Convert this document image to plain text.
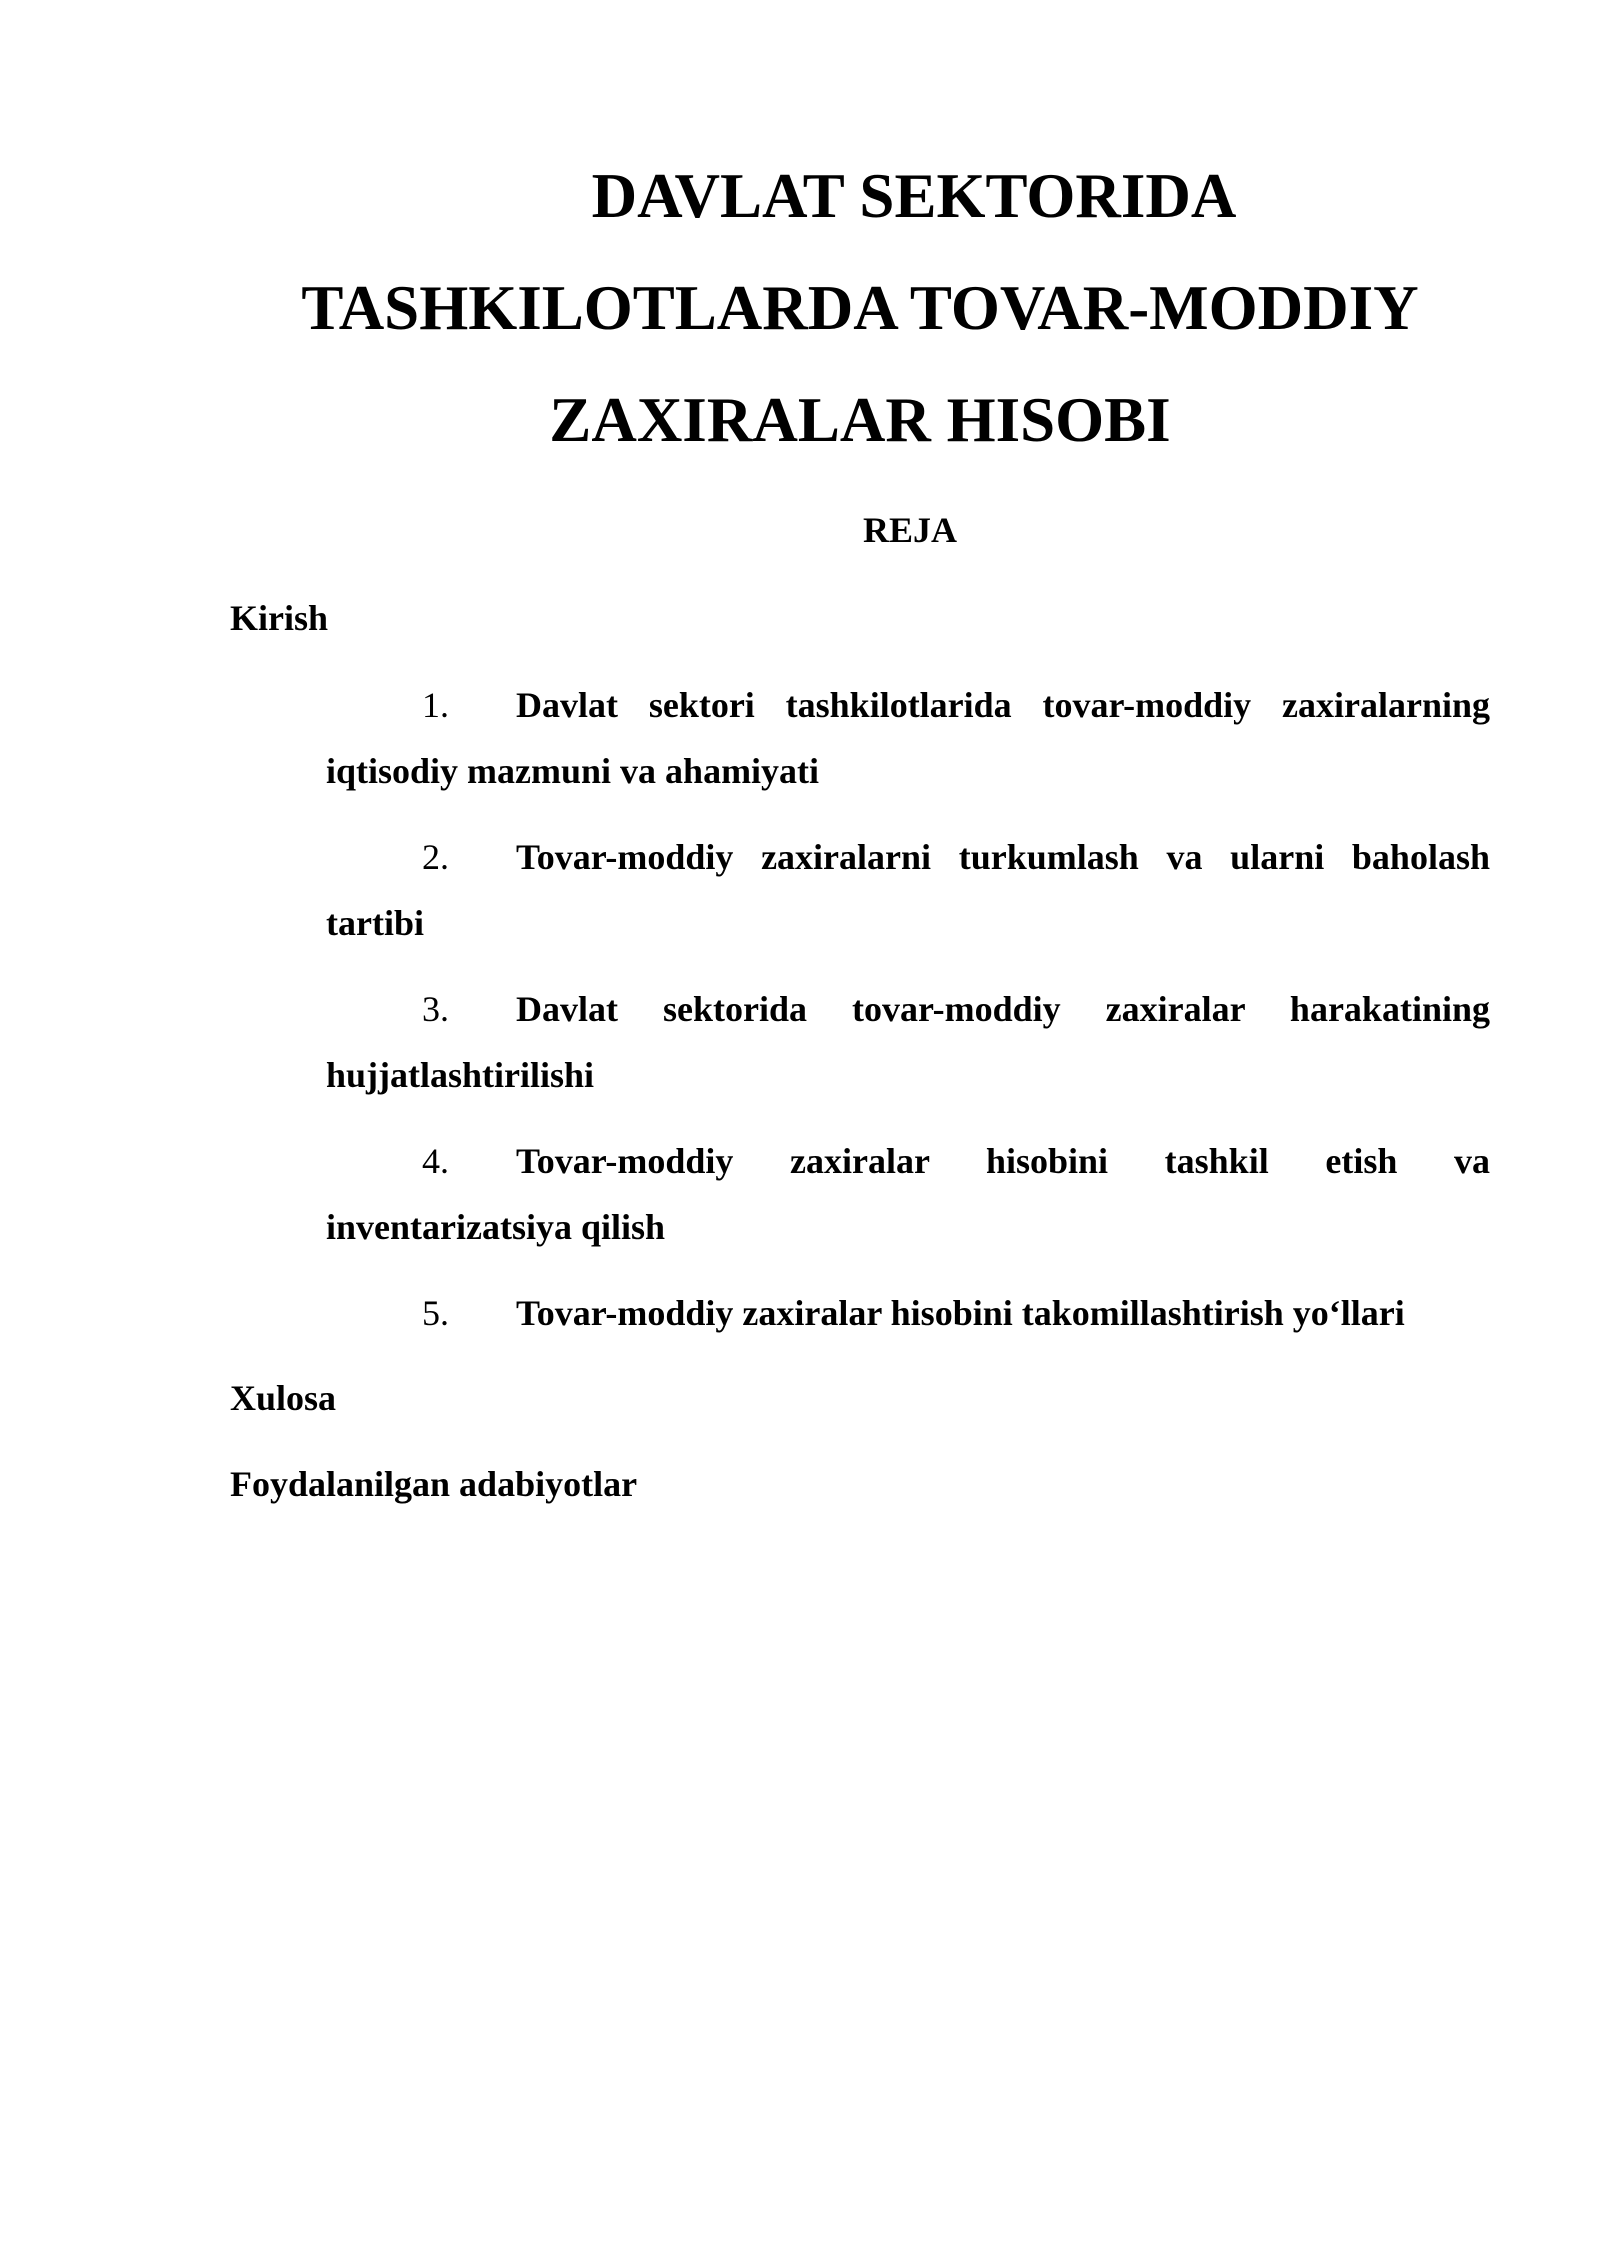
DAVLAT SEKTORIDA
TASHKILOTLARDA TOVAR-MODDIY
ZAXIRALAR HISOBI
REJA
Kirish
1. Davlat sektori tashkilotlarida tovar-moddiy zaxiralarning
iqtisodiy mazmuni va ahamiyati
2. Tovar-moddiy zaxiralarni turkumlash va ularni baholash
tartibi
3. Davlat sektorida tovar-moddiy zaxiralar harakatining
hujjatlashtirilishi
4. Tovar-moddiy zaxiralar hisobini tashkil etish va
inventarizatsiya qilish
5. Tovar-moddiy zaxiralar hisobini takomillashtirish yo‘llari
Xulosa
Foydalanilgan adabiyotlar
